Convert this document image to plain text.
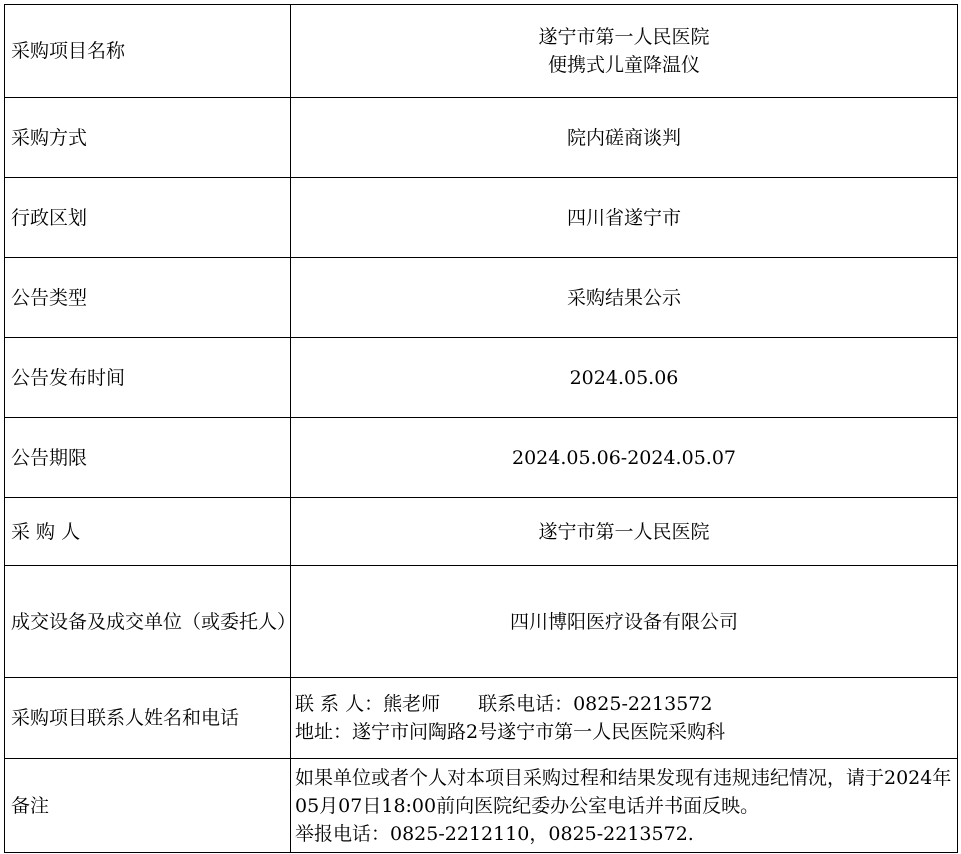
采购项目名称	遂宁市第一人民医院
便携式儿童降温仪

采购方式	院内磋商谈判
行政区划	四川省遂宁市
公告类型	采购结果公示
公告发布时间	2024.05.06
公告期限	2024.05.06-2024.05.07
采 购 人	遂宁市第一人民医院
成交设备及成交单位（或委托人）	四川博阳医疗设备有限公司
采购项目联系人姓名和电话	联 系 人：熊老师 联系电话：0825-2213572
地址：遂宁市问陶路2号遂宁市第一人民医院采购科

备注	如果单位或者个人对本项目采购过程和结果发现有违规违纪情况，请于2024年05月07日18:00前向医院纪委办公室电话并书面反映。
举报电话：0825-2212110，0825-2213572.
